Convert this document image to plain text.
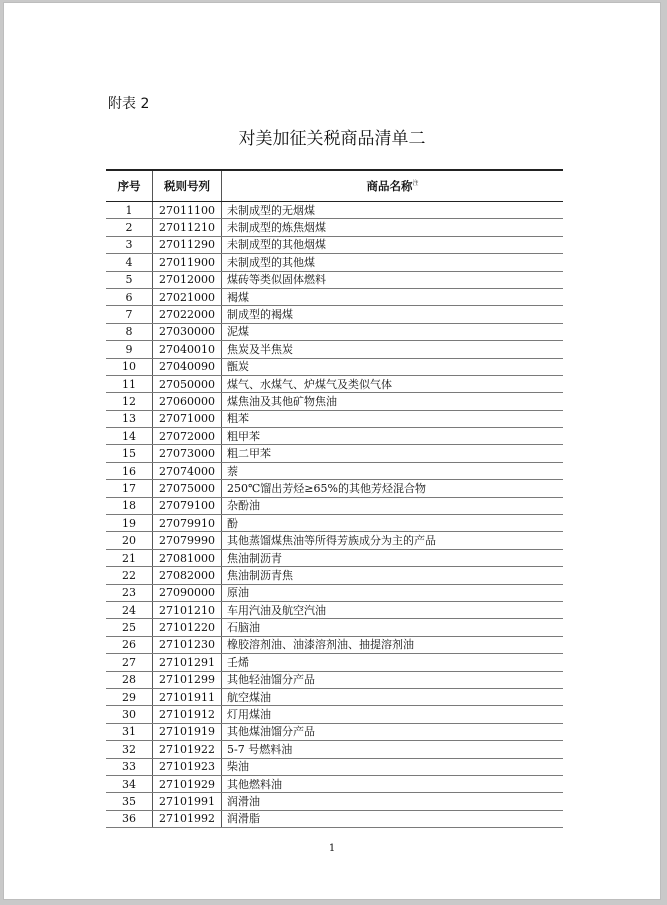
附表 2
对美加征关税商品清单二
序号	税则号列	商品名称$^注$
1	27011100	未制成型的无烟煤
2	27011210	未制成型的炼焦烟煤
3	27011290	未制成型的其他烟煤
4	27011900	未制成型的其他煤
5	27012000	煤砖等类似固体燃料
6	27021000	褐煤
7	27022000	制成型的褐煤
8	27030000	泥煤
9	27040010	焦炭及半焦炭
10	27040090	甑炭
11	27050000	煤气、水煤气、炉煤气及类似气体
12	27060000	煤焦油及其他矿物焦油
13	27071000	粗苯
14	27072000	粗甲苯
15	27073000	粗二甲苯
16	27074000	萘
17	27075000	250℃馏出芳烃≥65%的其他芳烃混合物
18	27079100	杂酚油
19	27079910	酚
20	27079990	其他蒸馏煤焦油等所得芳族成分为主的产品
21	27081000	焦油制沥青
22	27082000	焦油制沥青焦
23	27090000	原油
24	27101210	车用汽油及航空汽油
25	27101220	石脑油
26	27101230	橡胶溶剂油、油漆溶剂油、抽提溶剂油
27	27101291	壬烯
28	27101299	其他轻油馏分产品
29	27101911	航空煤油
30	27101912	灯用煤油
31	27101919	其他煤油馏分产品
32	27101922	5-7 号燃料油
33	27101923	柴油
34	27101929	其他燃料油
35	27101991	润滑油
36	27101992	润滑脂
1
